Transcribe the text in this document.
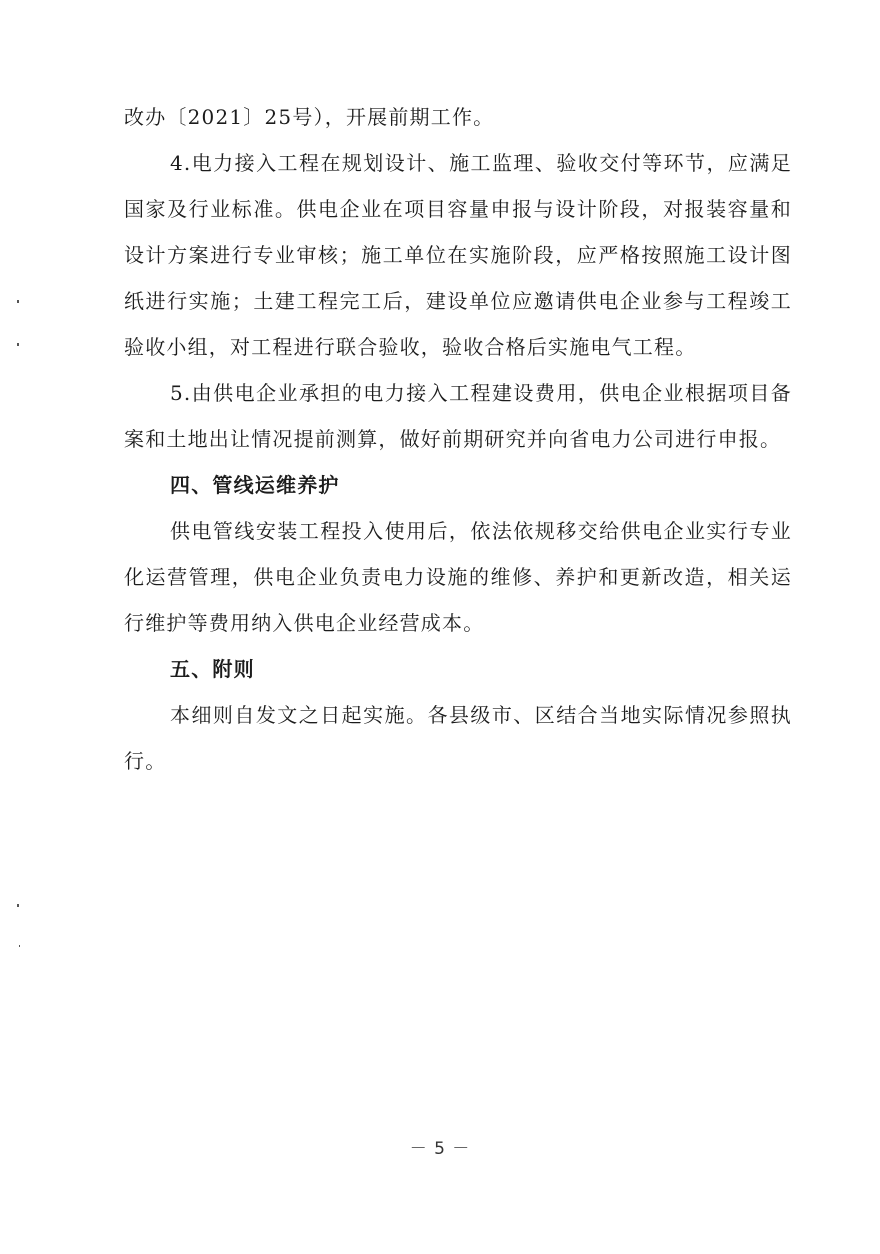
改办〔2021〕25号），开展前期工作。

4.电力接入工程在规划设计、施工监理、验收交付等环节，应满足国家及行业标准。供电企业在项目容量申报与设计阶段，对报装容量和设计方案进行专业审核；施工单位在实施阶段，应严格按照施工设计图纸进行实施；土建工程完工后，建设单位应邀请供电企业参与工程竣工验收小组，对工程进行联合验收，验收合格后实施电气工程。

5.由供电企业承担的电力接入工程建设费用，供电企业根据项目备案和土地出让情况提前测算，做好前期研究并向省电力公司进行申报。

四、管线运维养护

供电管线安装工程投入使用后，依法依规移交给供电企业实行专业化运营管理，供电企业负责电力设施的维修、养护和更新改造，相关运行维护等费用纳入供电企业经营成本。

五、附则

本细则自发文之日起实施。各县级市、区结合当地实际情况参照执行。

－ 5 －
